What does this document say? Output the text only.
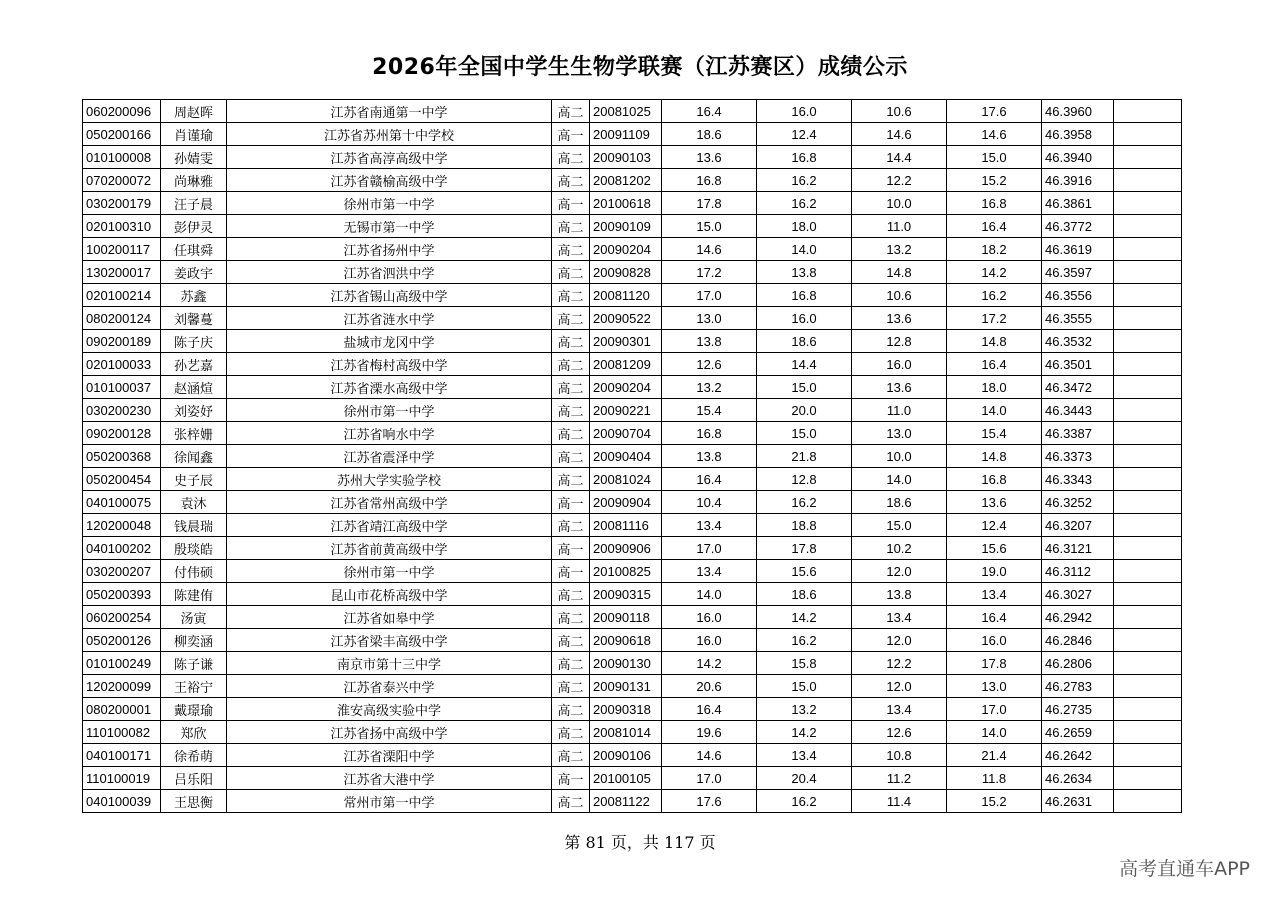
2026年全国中学生生物学联赛（江苏赛区）成绩公示
060200096	周赵晖	江苏省南通第一中学	高二	20081025	16.4	16.0	10.6	17.6	46.3960	
050200166	肖谨瑜	江苏省苏州第十中学校	高一	20091109	18.6	12.4	14.6	14.6	46.3958	
010100008	孙婧雯	江苏省高淳高级中学	高二	20090103	13.6	16.8	14.4	15.0	46.3940	
070200072	尚琳雅	江苏省赣榆高级中学	高二	20081202	16.8	16.2	12.2	15.2	46.3916	
030200179	汪子晨	徐州市第一中学	高一	20100618	17.8	16.2	10.0	16.8	46.3861	
020100310	彭伊灵	无锡市第一中学	高二	20090109	15.0	18.0	11.0	16.4	46.3772	
100200117	任琪舜	江苏省扬州中学	高二	20090204	14.6	14.0	13.2	18.2	46.3619	
130200017	姜政宇	江苏省泗洪中学	高二	20090828	17.2	13.8	14.8	14.2	46.3597	
020100214	苏鑫	江苏省锡山高级中学	高二	20081120	17.0	16.8	10.6	16.2	46.3556	
080200124	刘馨蔓	江苏省涟水中学	高二	20090522	13.0	16.0	13.6	17.2	46.3555	
090200189	陈子庆	盐城市龙冈中学	高二	20090301	13.8	18.6	12.8	14.8	46.3532	
020100033	孙艺嘉	江苏省梅村高级中学	高二	20081209	12.6	14.4	16.0	16.4	46.3501	
010100037	赵涵煊	江苏省溧水高级中学	高二	20090204	13.2	15.0	13.6	18.0	46.3472	
030200230	刘姿妤	徐州市第一中学	高二	20090221	15.4	20.0	11.0	14.0	46.3443	
090200128	张梓姗	江苏省响水中学	高二	20090704	16.8	15.0	13.0	15.4	46.3387	
050200368	徐闻鑫	江苏省震泽中学	高二	20090404	13.8	21.8	10.0	14.8	46.3373	
050200454	史子辰	苏州大学实验学校	高二	20081024	16.4	12.8	14.0	16.8	46.3343	
040100075	袁沐	江苏省常州高级中学	高一	20090904	10.4	16.2	18.6	13.6	46.3252	
120200048	钱晨瑞	江苏省靖江高级中学	高二	20081116	13.4	18.8	15.0	12.4	46.3207	
040100202	殷琰皓	江苏省前黄高级中学	高一	20090906	17.0	17.8	10.2	15.6	46.3121	
030200207	付伟硕	徐州市第一中学	高一	20100825	13.4	15.6	12.0	19.0	46.3112	
050200393	陈建侑	昆山市花桥高级中学	高二	20090315	14.0	18.6	13.8	13.4	46.3027	
060200254	汤寅	江苏省如皋中学	高二	20090118	16.0	14.2	13.4	16.4	46.2942	
050200126	柳奕涵	江苏省梁丰高级中学	高二	20090618	16.0	16.2	12.0	16.0	46.2846	
010100249	陈子谦	南京市第十三中学	高二	20090130	14.2	15.8	12.2	17.8	46.2806	
120200099	王裕宁	江苏省泰兴中学	高二	20090131	20.6	15.0	12.0	13.0	46.2783	
080200001	戴璟瑜	淮安高级实验中学	高二	20090318	16.4	13.2	13.4	17.0	46.2735	
110100082	郑欣	江苏省扬中高级中学	高二	20081014	19.6	14.2	12.6	14.0	46.2659	
040100171	徐希萌	江苏省溧阳中学	高二	20090106	14.6	13.4	10.8	21.4	46.2642	
110100019	吕乐阳	江苏省大港中学	高一	20100105	17.0	20.4	11.2	11.8	46.2634	
040100039	王思衡	常州市第一中学	高二	20081122	17.6	16.2	11.4	15.2	46.2631	
第 81 页，共 117 页
高考直通车APP
